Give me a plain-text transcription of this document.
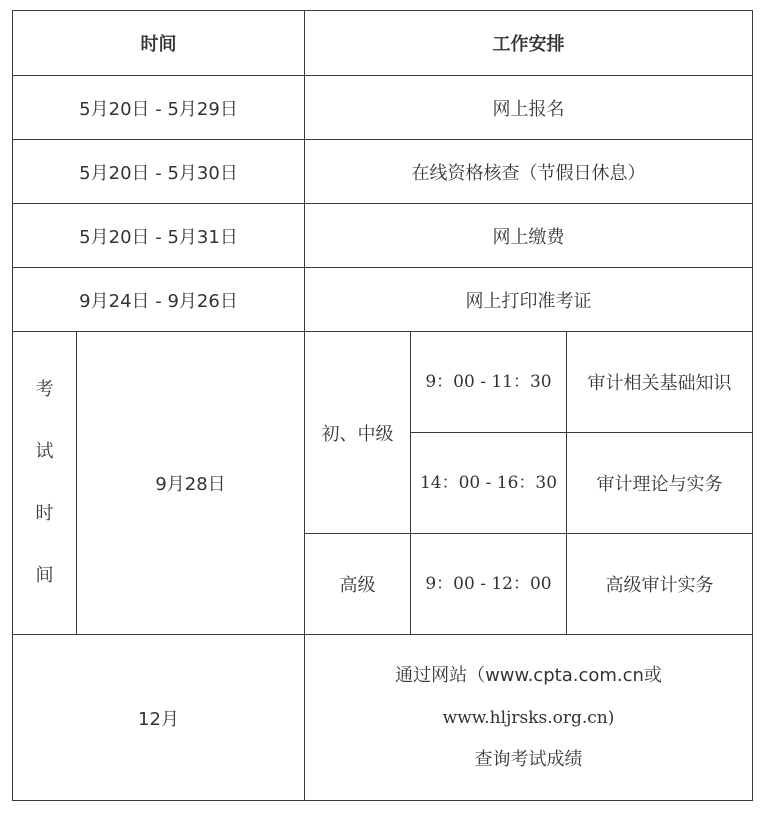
时间		工作安排		
5月20日 - 5月29日		网上报名		
5月20日 - 5月30日		在线资格核查（节假日休息）		
5月20日 - 5月31日		网上缴费		
9月24日 - 9月26日		网上打印准考证		

考
试
时
间	9月28日	初、中级	9：00 - 11：30	审计相关基础知识
			14：00 - 16：30	审计理论与实务
		高级	9：00 - 12：00	高级审计实务
12月		通过网站（www.cpta.com.cn或
www.hljrsks.org.cn)
查询考试成绩		
